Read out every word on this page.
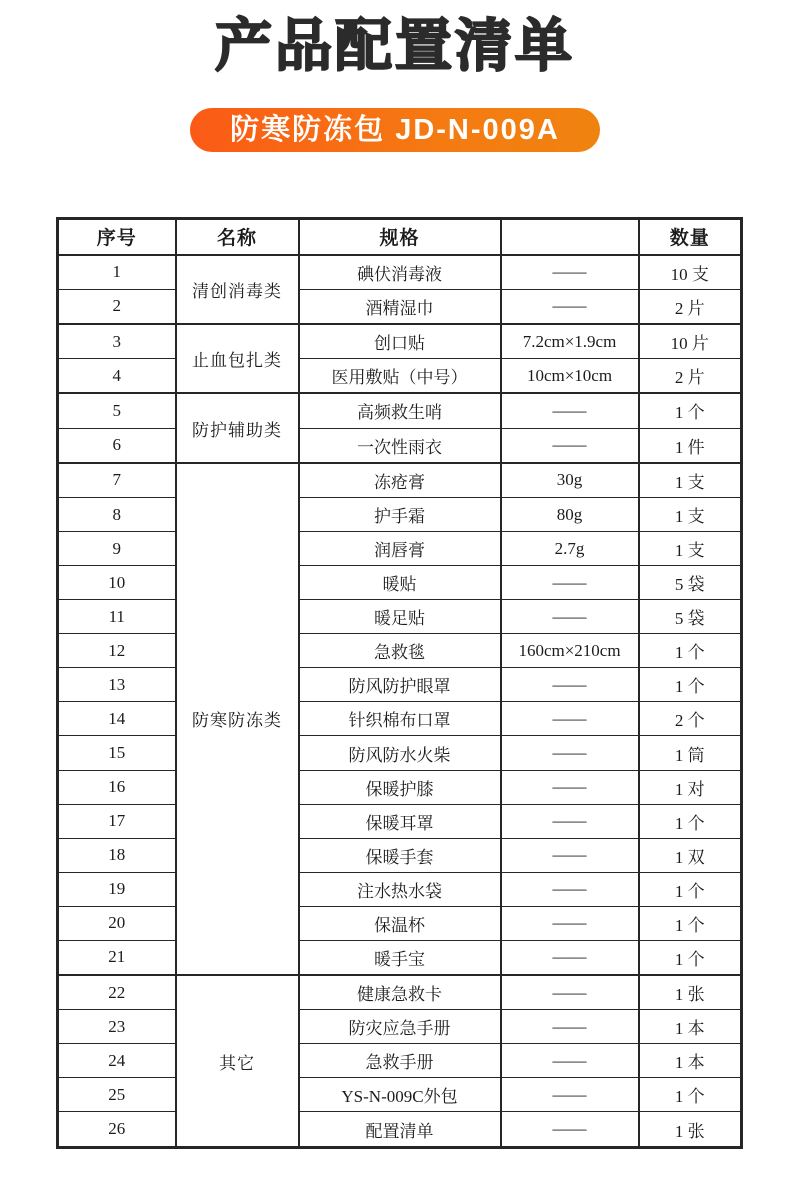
产品配置清单
防寒防冻包 JD-N-009A
序号	名称	规格		数量
1	清创消毒类	碘伏消毒液	——	10 支
2		酒精湿巾	——	2 片
3	止血包扎类	创口贴	7.2cm×1.9cm	10 片
4		医用敷贴（中号）	10cm×10cm	2 片
5	防护辅助类	高频救生哨	——	1 个
6		一次性雨衣	——	1 件
7	防寒防冻类	冻疮膏	30g	1 支
8		护手霜	80g	1 支
9		润唇膏	2.7g	1 支
10		暖贴	——	5 袋
11		暖足贴	——	5 袋
12		急救毯	160cm×210cm	1 个
13		防风防护眼罩	——	1 个
14		针织棉布口罩	——	2 个
15		防风防水火柴	——	1 筒
16		保暖护膝	——	1 对
17		保暖耳罩	——	1 个
18		保暖手套	——	1 双
19		注水热水袋	——	1 个
20		保温杯	——	1 个
21		暖手宝	——	1 个
22	其它	健康急救卡	——	1 张
23		防灾应急手册	——	1 本
24		急救手册	——	1 本
25		YS-N-009C外包	——	1 个
26		配置清单	——	1 张
